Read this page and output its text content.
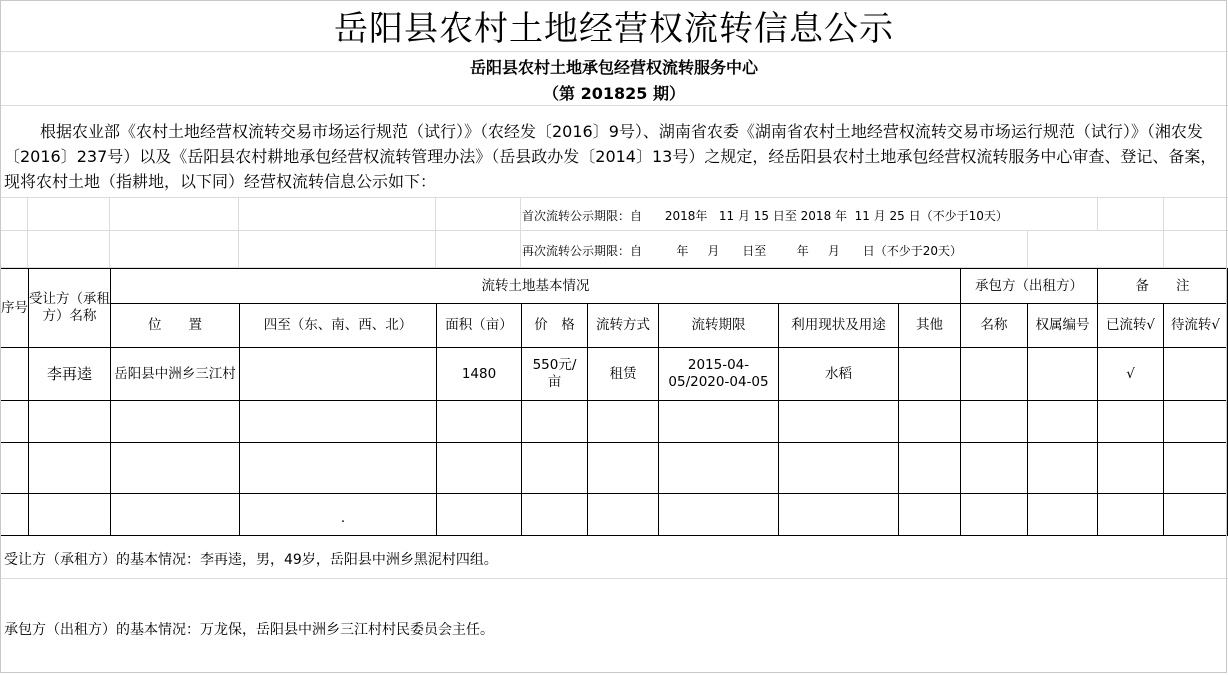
岳阳县农村土地经营权流转信息公示
岳阳县农村土地承包经营权流转服务中心
（第 201825 期）
根据农业部《农村土地经营权流转交易市场运行规范（试行）》（农经发〔2016〕9号）、湖南省农委《湖南省农村土地经营权流转交易市场运行规范（试行）》（湘农发〔2016〕237号）以及《岳阳县农村耕地承包经营权流转管理办法》（岳县政办发〔2014〕13号）之规定，经岳阳县农村土地承包经营权流转服务中心审查、登记、备案，现将农村土地（指耕地，以下同）经营权流转信息公示如下：
首次流转公示期限：自      2018年   11 月 15 日至 2018 年  11 月 25 日（不少于10天）
再次流转公示期限：自         年     月      日至        年     月      日（不少于20天）
序号	受让方（承租方）名称	流转土地基本情况								承包方（出租方）		备　　注	
		位　　置	四至（东、南、西、北）	面积（亩）	价　格	流转方式	流转期限	利用现状及用途	其他	名称	权属编号	已流转√	待流转√
	李再逵	岳阳县中洲乡三江村		1480	550元/亩	租赁	2015-04-05/2020-04-05	水稻				√	

			.										
受让方（承租方）的基本情况：李再逵，男，49岁，岳阳县中洲乡黑泥村四组。
承包方（出租方）的基本情况：万龙保，岳阳县中洲乡三江村村民委员会主任。
